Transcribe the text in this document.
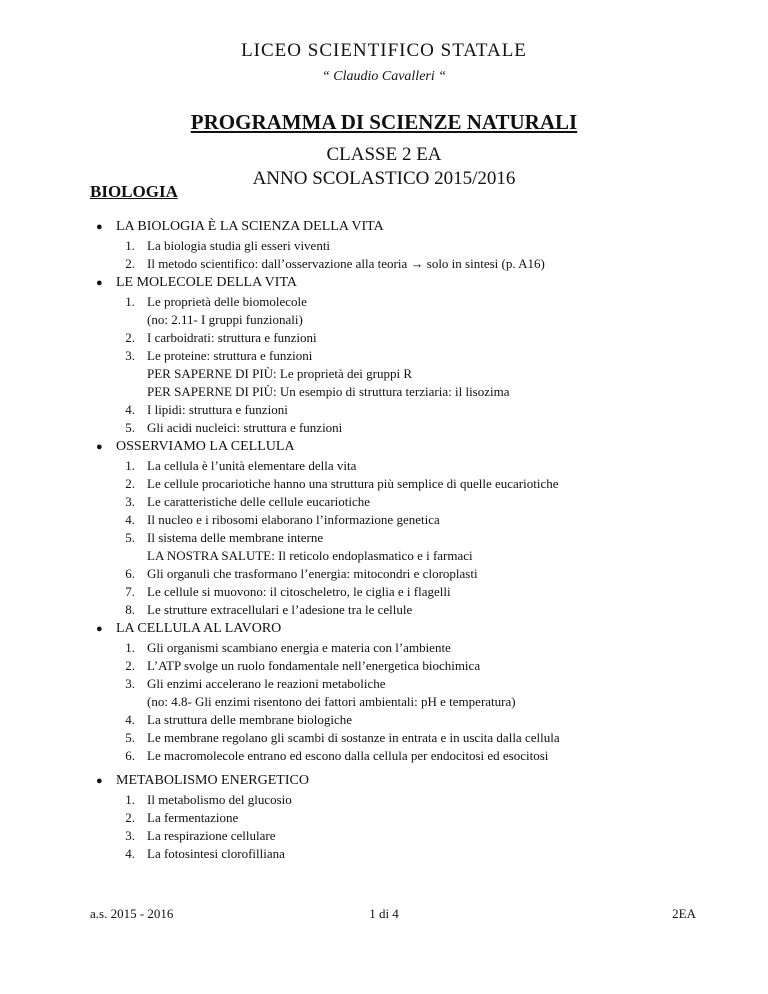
LICEO SCIENTIFICO STATALE
“ Claudio Cavalleri “
PROGRAMMA DI SCIENZE NATURALI
CLASSE 2 EA
ANNO SCOLASTICO 2015/2016
BIOLOGIA
● LA BIOLOGIA È LA SCIENZA DELLA VITA
1. La biologia studia gli esseri viventi
2. Il metodo scientifico: dall’osservazione alla teoria → solo in sintesi (p. A16)
● LE MOLECOLE DELLA VITA
1. Le proprietà delle biomolecole
(no: 2.11- I gruppi funzionali)
2. I carboidrati: struttura e funzioni
3. Le proteine: struttura e funzioni
PER SAPERNE DI PIÙ: Le proprietà dei gruppi R
PER SAPERNE DI PIÙ: Un esempio di struttura terziaria: il lisozima
4. I lipidi: struttura e funzioni
5. Gli acidi nucleici: struttura e funzioni
● OSSERVIAMO LA CELLULA
1. La cellula è l’unità elementare della vita
2. Le cellule procariotiche hanno una struttura più semplice di quelle eucariotiche
3. Le caratteristiche delle cellule eucariotiche
4. Il nucleo e i ribosomi elaborano l’informazione genetica
5. Il sistema delle membrane interne
LA NOSTRA SALUTE: Il reticolo endoplasmatico e i farmaci
6. Gli organuli che trasformano l’energia: mitocondri e cloroplasti
7. Le cellule si muovono: il citoscheletro, le ciglia e i flagelli
8. Le strutture extracellulari e l’adesione tra le cellule
● LA CELLULA AL LAVORO
1. Gli organismi scambiano energia e materia con l’ambiente
2. L’ATP svolge un ruolo fondamentale nell’energetica biochimica
3. Gli enzimi accelerano le reazioni metaboliche
(no: 4.8- Gli enzimi risentono dei fattori ambientali: pH e temperatura)
4. La struttura delle membrane biologiche
5. Le membrane regolano gli scambi di sostanze in entrata e in uscita dalla cellula
6. Le macromolecole entrano ed escono dalla cellula per endocitosi ed esocitosi
● METABOLISMO ENERGETICO
1. Il metabolismo del glucosio
2. La fermentazione
3. La respirazione cellulare
4. La fotosintesi clorofilliana
a.s. 2015 - 2016	1 di 4	2EA
